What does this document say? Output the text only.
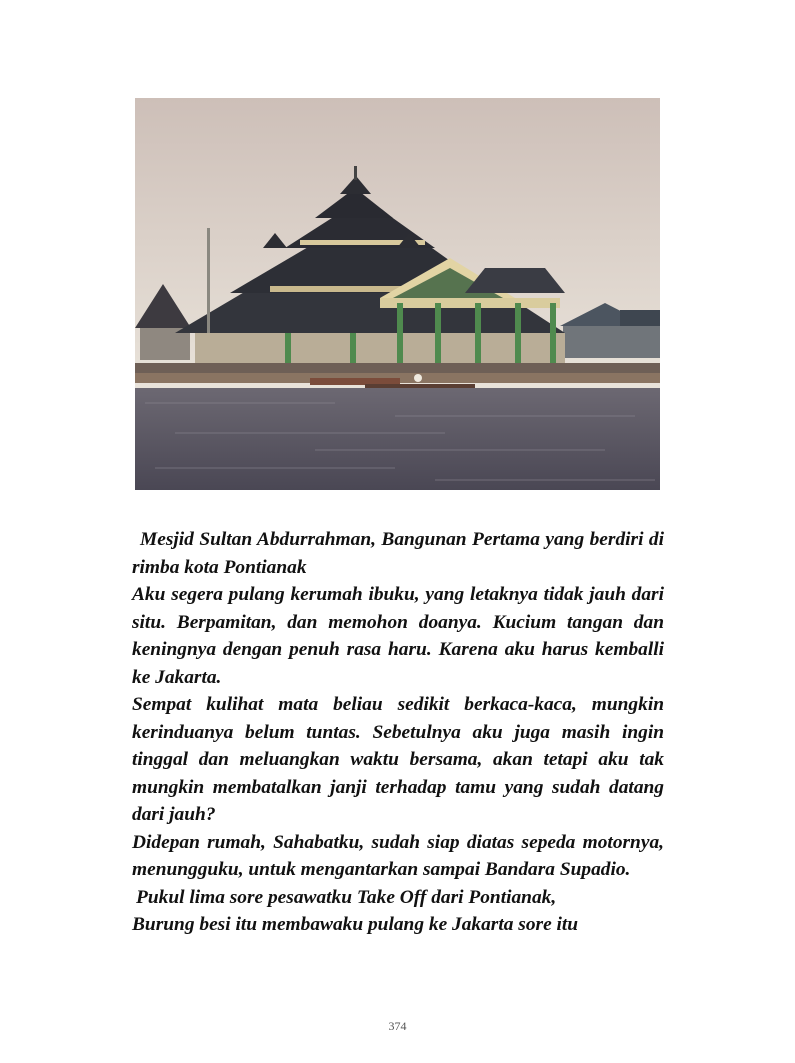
Mesjid Sultan Abdurrahman, Bangunan Pertama yang berdiri di rimba kota Pontianak

Aku segera pulang kerumah ibuku, yang letaknya tidak jauh dari situ. Berpamitan, dan memohon doanya. Kucium tangan dan keningnya dengan penuh rasa haru. Karena aku harus kemballi ke Jakarta.

Sempat kulihat mata beliau sedikit berkaca-kaca, mungkin kerinduanya belum tuntas. Sebetulnya aku juga masih ingin tinggal dan meluangkan waktu bersama, akan tetapi aku tak mungkin membatalkan janji terhadap tamu yang sudah datang dari jauh?

Didepan rumah, Sahabatku, sudah siap diatas sepeda motornya, menungguku, untuk mengantarkan sampai Bandara Supadio.

Pukul lima sore pesawatku Take Off dari Pontianak,

Burung besi itu membawaku pulang ke Jakarta sore itu

374
